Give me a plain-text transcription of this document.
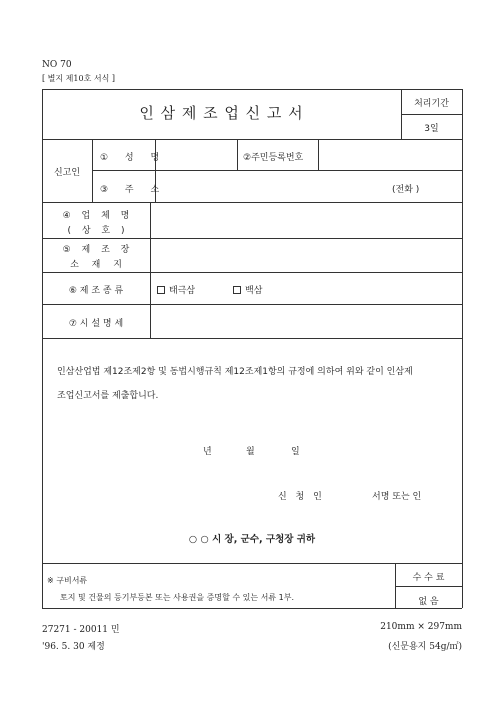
NO 70
[ 별지 제10호 서식 ]
인 삼 제 조 업 신 고 서	처리기간
3일
신고인
① 성 명	②주민등록번호
③ 주 소	(전화 )
④ 업 체 명
( 상 호 )
⑤ 제 조 장
소 재 지
⑥ 제 조 종 류	태극삼	백삼
⑦ 시 설 명 세
인삼산업법 제12조제2항 및 동법시행규칙 제12조제1항의 규정에 의하여 위와 같이 인삼제
조업신고서를 제출합니다.
년	월	일
신 청 인	서명 또는 인
○ ○ 시 장, 군수, 구청장 귀하
※ 구비서류
토지 및 건물의 등기부등본 또는 사용권을 증명할 수 있는 서류 1부.
수 수 료
없 음
27271 - 20011 민
'96. 5. 30 제정
210mm × 297mm
(신문용지 54g/㎡)
